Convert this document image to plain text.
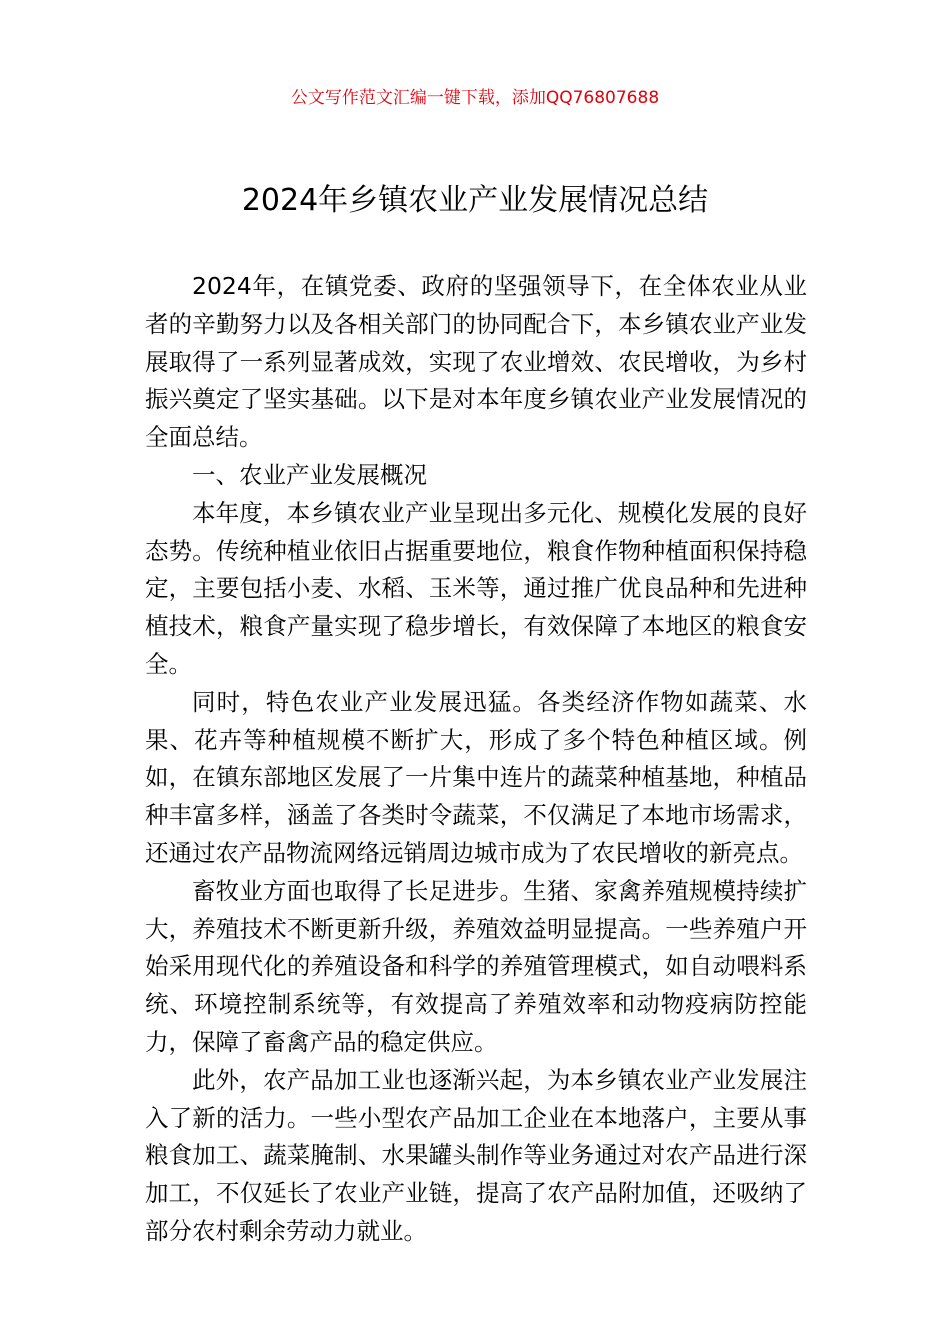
公文写作范文汇编一键下载，添加QQ76807688
2024年乡镇农业产业发展情况总结

2024年，在镇党委、政府的坚强领导下，在全体农业从业者的辛勤努力以及各相关部门的协同配合下，本乡镇农业产业发展取得了一系列显著成效，实现了农业增效、农民增收，为乡村振兴奠定了坚实基础。以下是对本年度乡镇农业产业发展情况的全面总结。

一、农业产业发展概况

本年度，本乡镇农业产业呈现出多元化、规模化发展的良好态势。传统种植业依旧占据重要地位，粮食作物种植面积保持稳定，主要包括小麦、水稻、玉米等，通过推广优良品种和先进种植技术，粮食产量实现了稳步增长，有效保障了本地区的粮食安全。

同时，特色农业产业发展迅猛。各类经济作物如蔬菜、水果、花卉等种植规模不断扩大，形成了多个特色种植区域。例如，在镇东部地区发展了一片集中连片的蔬菜种植基地，种植品种丰富多样，涵盖了各类时令蔬菜，不仅满足了本地市场需求，还通过农产品物流网络远销周边城市成为了农民增收的新亮点。

畜牧业方面也取得了长足进步。生猪、家禽养殖规模持续扩大，养殖技术不断更新升级，养殖效益明显提高。一些养殖户开始采用现代化的养殖设备和科学的养殖管理模式，如自动喂料系统、环境控制系统等，有效提高了养殖效率和动物疫病防控能力，保障了畜禽产品的稳定供应。

此外，农产品加工业也逐渐兴起，为本乡镇农业产业发展注入了新的活力。一些小型农产品加工企业在本地落户，主要从事粮食加工、蔬菜腌制、水果罐头制作等业务通过对农产品进行深加工，不仅延长了农业产业链，提高了农产品附加值，还吸纳了部分农村剩余劳动力就业。
